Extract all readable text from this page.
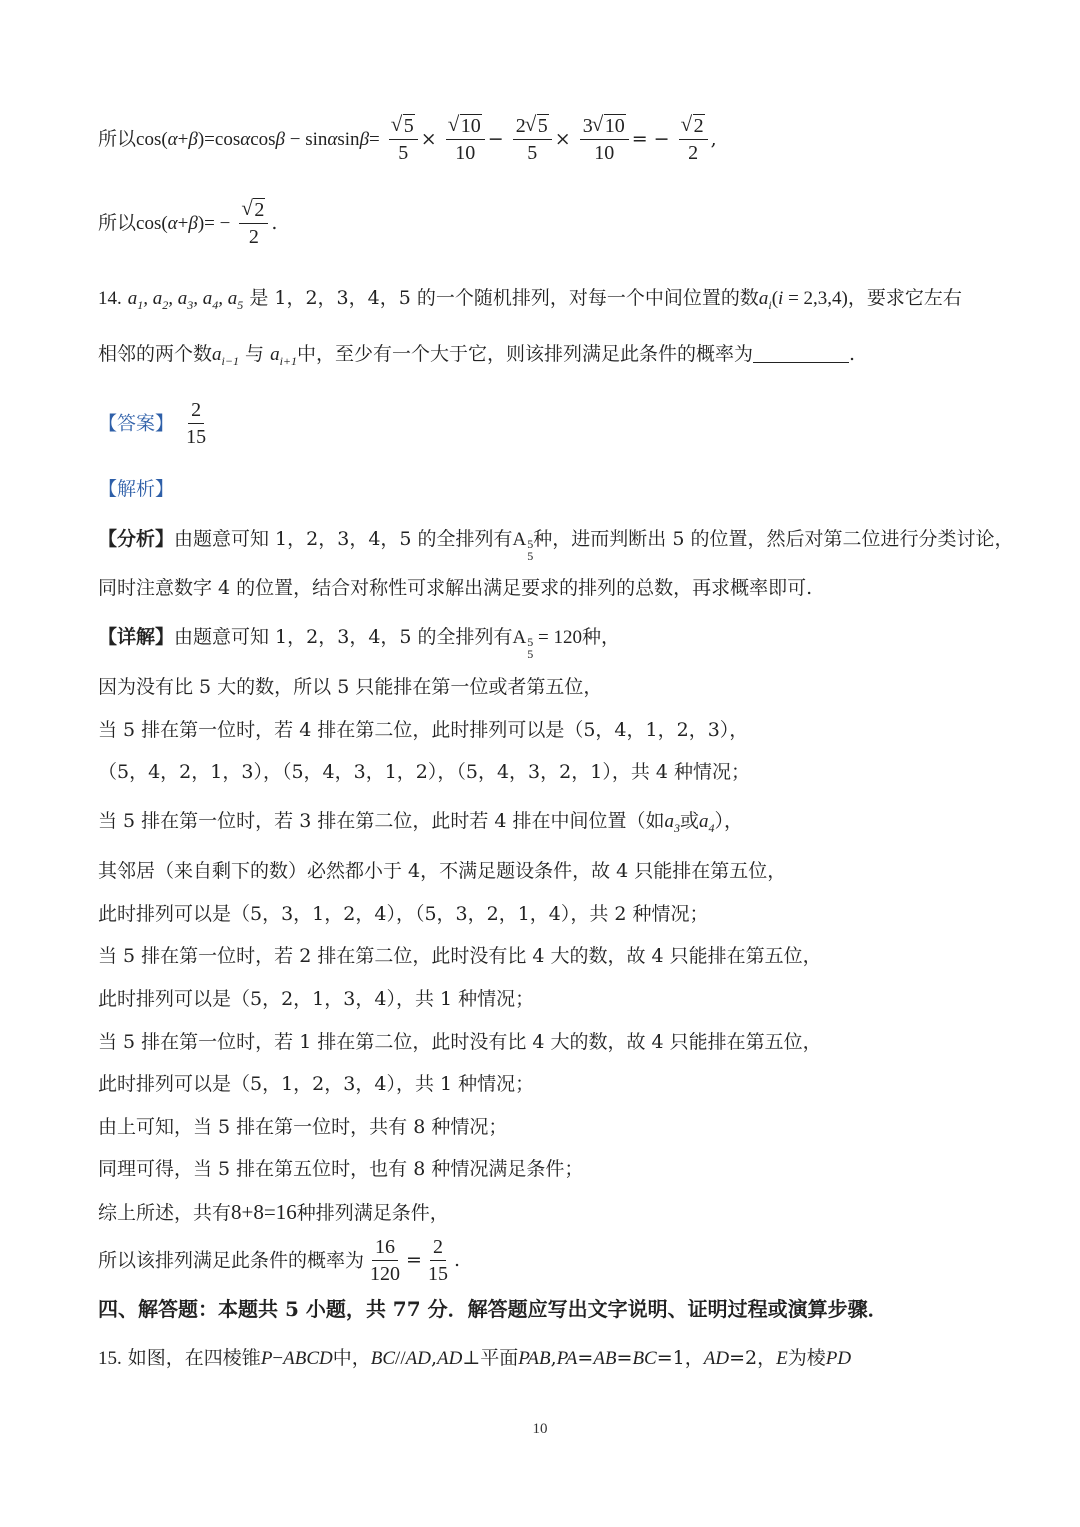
所以cos(α+β)=cosαcosβ − sinαsinβ= √ $\frac{5}{5}$ × √ $\frac{10}{10} - \frac{2 √ 5}{5} \times \frac{3 √ 10}{10}$ = − √ $\frac{2}{2}$ ,
所以cos(α+β)= − √ $\frac{2}{2}$ .
14. $a_1$, $a_2$, $a_3$, $a_4$, $a_5$ 是 1，2，3，4，5 的一个随机排列，对每一个中间位置的数$a_i(i = 2,3,4)$，要求它左右
相邻的两个数$a_{i-1}$ 与 $a_{i+1}$中，至少有一个大于它，则该排列满足此条件的概率为	.
【答案】 $\frac{2}{15}$
【解析】
【分析】由题意可知 1，2，3，4，5 的全排列有A 5
5
种，进而判断出 5 的位置，然后对第二位进行分类讨论，
同时注意数字 4 的位置，结合对称性可求解出满足要求的排列的总数，再求概率即可.
【详解】由题意可知 1，2，3，4，5 的全排列有A 5
5
= 120种，
因为没有比 5 大的数，所以 5 只能排在第一位或者第五位，
当 5 排在第一位时，若 4 排在第二位，此时排列可以是（5，4，1，2，3），
（5，4，2，1，3），（5，4，3，1，2），（5，4，3，2，1），共 4 种情况；
当 5 排在第一位时，若 3 排在第二位，此时若 4 排在中间位置（如$a_3$或$a_4$），
其邻居（来自剩下的数）必然都小于 4，不满足题设条件，故 4 只能排在第五位，
此时排列可以是（5，3，1，2，4），（5，3，2，1，4），共 2 种情况；
当 5 排在第一位时，若 2 排在第二位，此时没有比 4 大的数，故 4 只能排在第五位，
此时排列可以是（5，2，1，3，4），共 1 种情况；
当 5 排在第一位时，若 1 排在第二位，此时没有比 4 大的数，故 4 只能排在第五位，
此时排列可以是（5，1，2，3，4），共 1 种情况；
由上可知，当 5 排在第一位时，共有 8 种情况；
同理可得，当 5 排在第五位时，也有 8 种情况满足条件；
综上所述，共有8+8=16种排列满足条件，
所以该排列满足此条件的概率为 $\frac{16}{120} = \frac{2}{15}$ .
四、解答题：本题共 5 小题，共 77 分．解答题应写出文字说明、证明过程或演算步骤．
15. 如图，在四棱锥P−ABCD中，BC//AD,AD⊥平面PAB,PA=AB=BC=1，AD=2，E为棱PD
10
